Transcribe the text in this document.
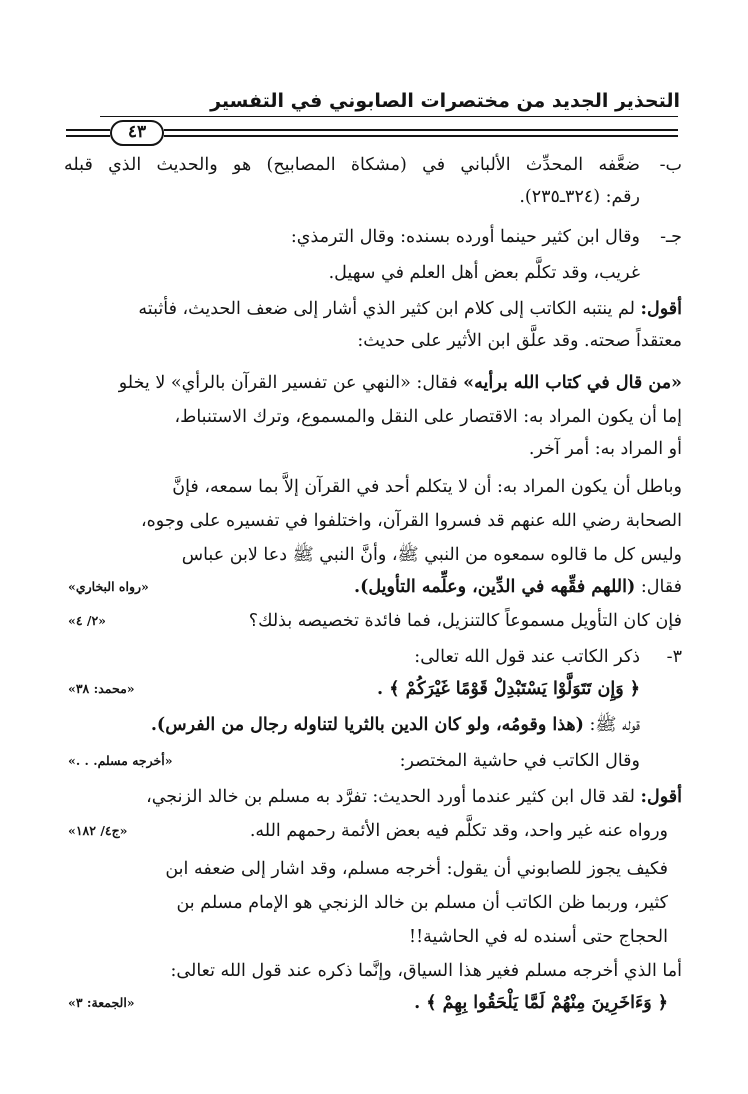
التحذير الجديد من مختصرات الصابوني في التفسير
٤٣
ب-
ضعَّفه المحدِّث الألباني في (مشكاة المصابيح) هو والحديث الذي قبله
رقم: (٣٢٤ـ٢٣٥).
جـ-
وقال ابن كثير حينما أورده بسنده: وقال الترمذي:
غريب، وقد تكلَّم بعض أهل العلم في سهيل.
أقول: لم ينتبه الكاتب إلى كلام ابن كثير الذي أشار إلى ضعف الحديث، فأثبته
معتقداً صحته. وقد علَّق ابن الأثير على حديث:
«من قال في كتاب الله برأيه» فقال: «النهي عن تفسير القرآن بالرأي» لا يخلو
إما أن يكون المراد به: الاقتصار على النقل والمسموع، وترك الاستنباط،
أو المراد به: أمر آخر.
وباطل أن يكون المراد به: أن لا يتكلم أحد في القرآن إلاَّ بما سمعه، فإنَّ
الصحابة رضي الله عنهم قد فسروا القرآن، واختلفوا في تفسيره على وجوه،
وليس كل ما قالوه سمعوه من النبي ﷺ، وأنَّ النبي ﷺ دعا لابن عباس
فقال: (اللهم فقِّهه في الدِّين، وعلِّمه التأويل).
«رواه البخاري»
فإن كان التأويل مسموعاً كالتنزيل، فما فائدة تخصيصه بذلك؟
«٢/ ٤»
٣-
ذكر الكاتب عند قول الله تعالى:
﴿ وَإِن تَتَوَلَّوْا يَسْتَبْدِلْ قَوْمًا غَيْرَكُمْ ﴾ .
«محمد: ٣٨»
قوله ﷺ: (هذا وقومُه، ولو كان الدين بالثريا لتناوله رجال من الفرس).
وقال الكاتب في حاشية المختصر:
«أخرجه مسلم. . .»
أقول: لقد قال ابن كثير عندما أورد الحديث: تفرَّد به مسلم بن خالد الزنجي،
ورواه عنه غير واحد، وقد تكلَّم فيه بعض الأئمة رحمهم الله.
«ج٤/ ١٨٢»
فكيف يجوز للصابوني أن يقول: أخرجه مسلم، وقد اشار إلى ضعفه ابن
كثير، وربما ظن الكاتب أن مسلم بن خالد الزنجي هو الإمام مسلم بن
الحجاج حتى أسنده له في الحاشية!!
أما الذي أخرجه مسلم فغير هذا السياق، وإنَّما ذكره عند قول الله تعالى:
﴿ وَءَاخَرِينَ مِنْهُمْ لَمَّا يَلْحَقُوا بِهِمْ ﴾ .
«الجمعة: ٣»
